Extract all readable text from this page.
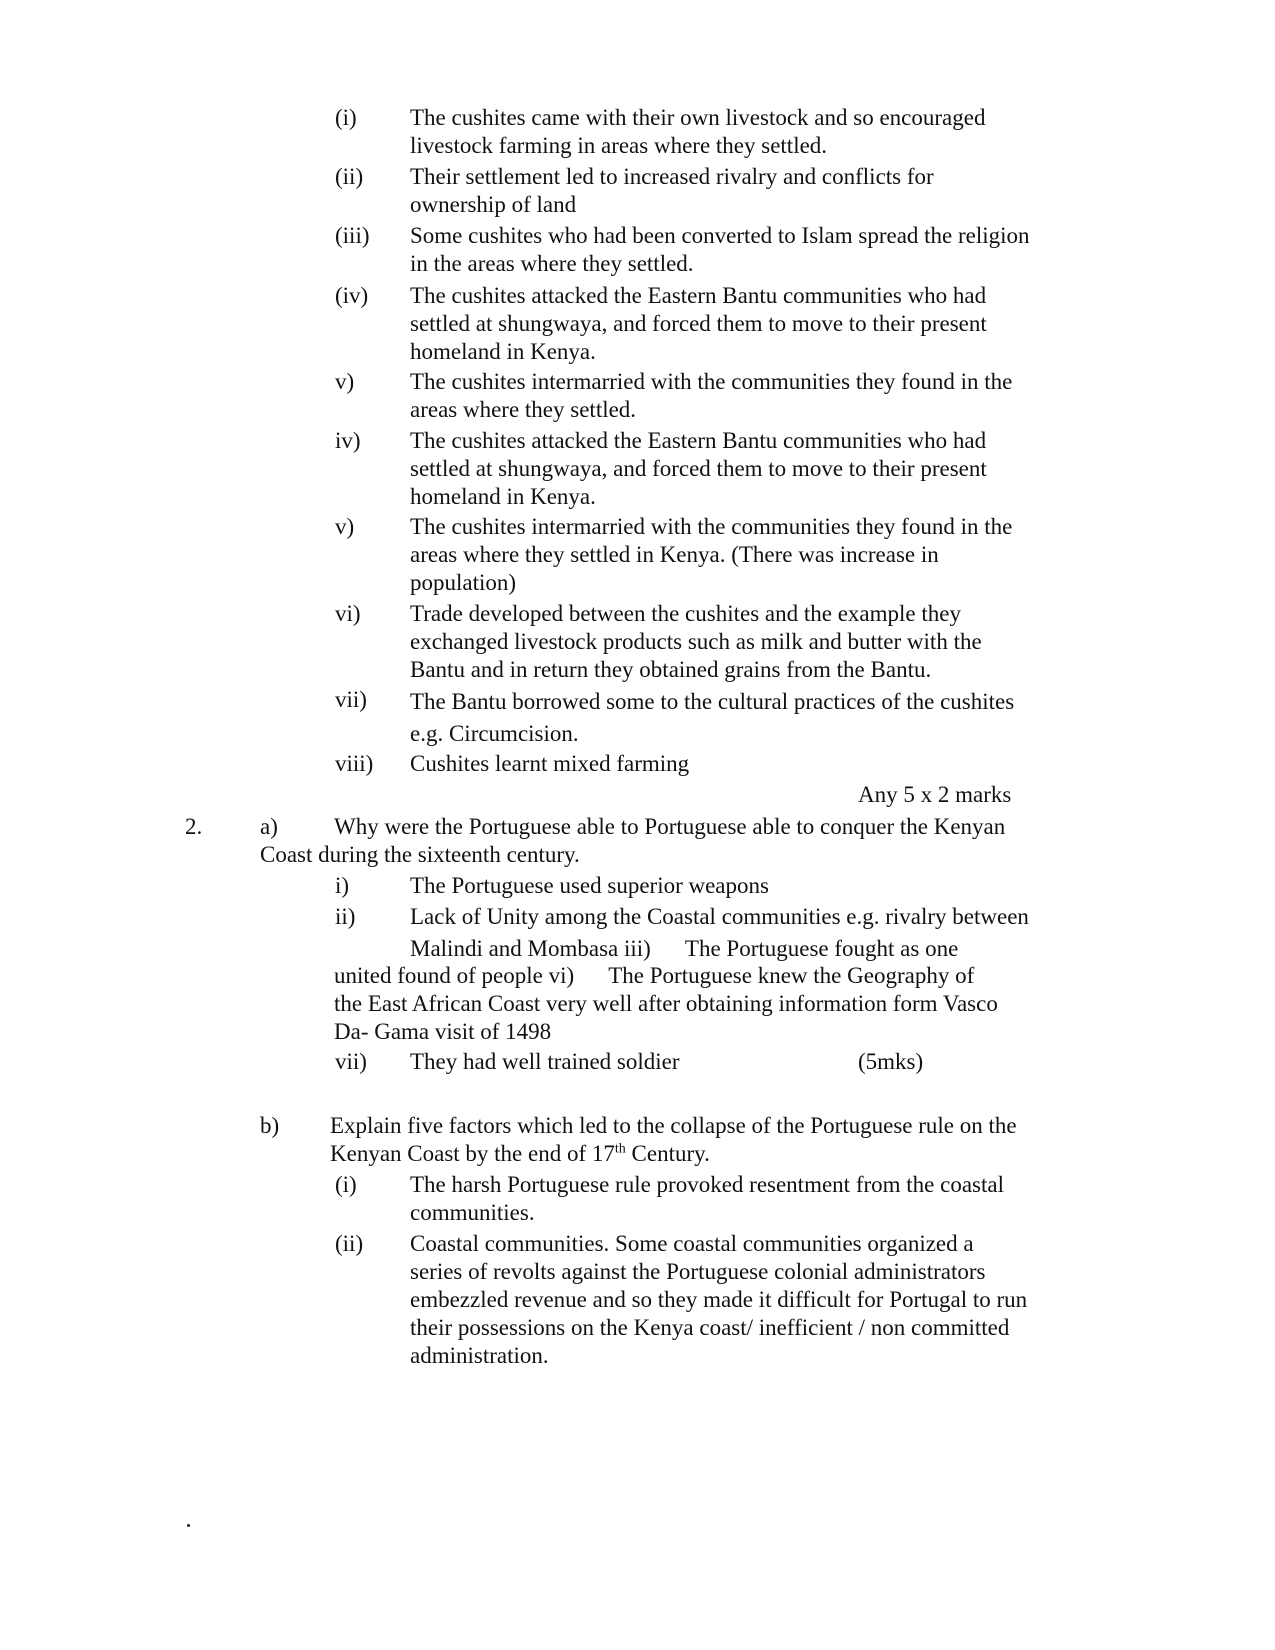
(i) The cushites came with their own livestock and so encouraged
livestock farming in areas where they settled.
(ii) Their settlement led to increased rivalry and conflicts for
ownership of land
(iii) Some cushites who had been converted to Islam spread the religion
in the areas where they settled.
(iv) The cushites attacked the Eastern Bantu communities who had
settled at shungwaya, and forced them to move to their present
homeland in Kenya.
v) The cushites intermarried with the communities they found in the
areas where they settled.
iv) The cushites attacked the Eastern Bantu communities who had
settled at shungwaya, and forced them to move to their present
homeland in Kenya.
v) The cushites intermarried with the communities they found in the
areas where they settled in Kenya. (There was increase in
population)
vi) Trade developed between the cushites and the example they
exchanged livestock products such as milk and butter with the
Bantu and in return they obtained grains from the Bantu.
vii) The Bantu borrowed some to the cultural practices of the cushites
e.g. Circumcision.
viii) Cushites learnt mixed farming
Any 5 x 2 marks
2.	a) Why were the Portuguese able to Portuguese able to conquer the Kenyan
Coast during the sixteenth century.
i)	The Portuguese used superior weapons
ii) Lack of Unity among the Coastal communities e.g. rivalry between
Malindi and Mombasa iii)      The Portuguese fought as one
united found of people vi)      The Portuguese knew the Geography of
the East African Coast very well after obtaining information form Vasco
Da- Gama visit of 1498
vii) They had well trained soldier	(5mks)
b) Explain five factors which led to the collapse of the Portuguese rule on the
Kenyan Coast by the end of 17th Century.
(i) The harsh Portuguese rule provoked resentment from the coastal
communities.
(ii) Coastal communities. Some coastal communities organized a
series of revolts against the Portuguese colonial administrators
embezzled revenue and so they made it difficult for Portugal to run
their possessions on the Kenya coast/ inefficient / non committed
administration.
